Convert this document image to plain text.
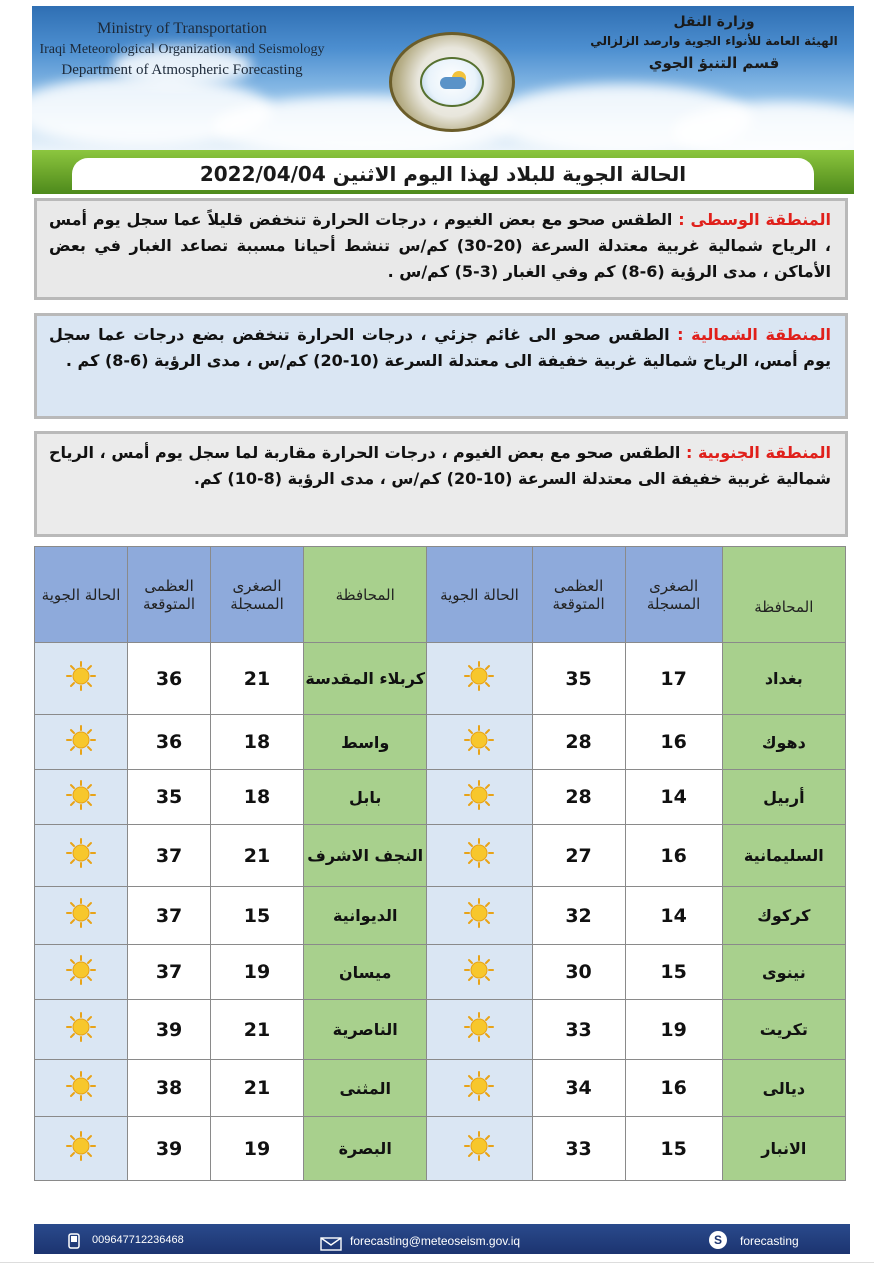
Ministry of Transportation
Iraqi Meteorological Organization and Seismology
Department of Atmospheric Forecasting
وزارة النقل
الهيئة العامة للأنواء الجوية وارصد الزلزالي
قسم التنبؤ الجوي
الحالة الجوية للبلاد لهذا اليوم الاثنين 2022/04/04
المنطقة الوسطى : الطقس صحو مع بعض الغيوم ، درجات الحرارة تنخفض قليلاً عما سجل يوم أمس ، الرياح شمالية غربية معتدلة السرعة (20-30) كم/س تنشط أحيانا مسببة تصاعد الغبار في بعض الأماكن ، مدى الرؤية (6-8) كم وفي الغبار (3-5) كم/س .
المنطقة الشمالية : الطقس صحو الى غائم جزئي ، درجات الحرارة تنخفض بضع درجات عما سجل يوم أمس، الرياح شمالية غربية خفيفة الى معتدلة السرعة (10-20) كم/س ، مدى الرؤية (6-8) كم .
المنطقة الجنوبية : الطقس صحو مع بعض الغيوم ، درجات الحرارة مقاربة لما سجل يوم أمس ، الرياح شمالية غربية خفيفة الى معتدلة السرعة (10-20) كم/س ، مدى الرؤية (8-10) كم.
المحافظة	الصغرى المسجلة	العظمى المتوقعة	الحالة الجوية	المحافظة	الصغرى المسجلة	العظمى المتوقعة	الحالة الجوية
بغداد	17	35		كربلاء المقدسة	21	36	
دهوك	16	28		واسط	18	36	
أربيل	14	28		بابل	18	35	
السليمانية	16	27		النجف الاشرف	21	37	
كركوك	14	32		الديوانية	15	37	
نينوى	15	30		ميسان	19	37	
تكريت	19	33		الناصرية	21	39	
ديالى	16	34		المثنى	21	38	
الانبار	15	33		البصرة	19	39	
009647712236468	forecasting@meteoseism.gov.iq	S forecasting
